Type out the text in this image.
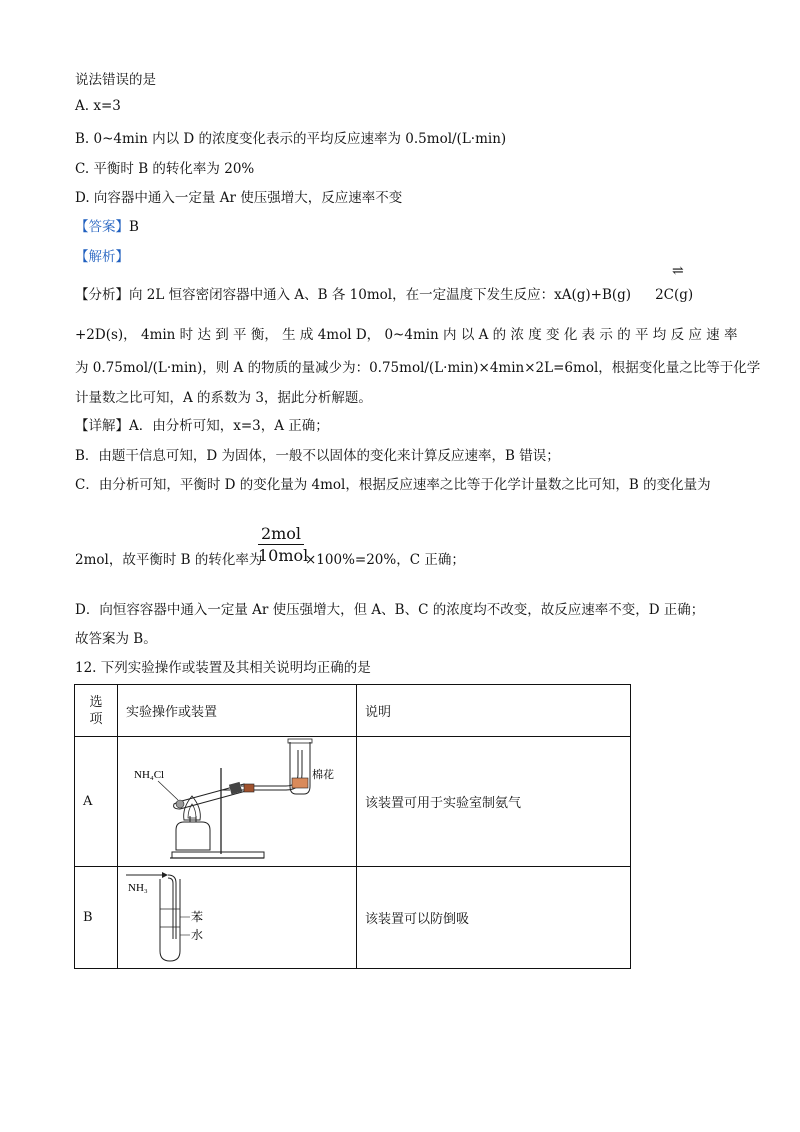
说法错误的是
A. x=3
B. 0~4min 内以 D 的浓度变化表示的平均反应速率为 0.5mol/(L·min)
C. 平衡时 B 的转化率为 20%
D. 向容器中通入一定量 Ar 使压强增大，反应速率不变
【答案】B
【解析】
【分析】向 2L 恒容密闭容器中通入 A、B 各 10mol，在一定温度下发生反应：xA(g)+B(g) 2C(g)
⇌
+2D(s)， 4min 时 达 到 平 衡， 生 成 4mol D， 0~4min 内 以 A 的 浓 度 变 化 表 示 的 平 均 反 应 速 率
为 0.75mol/(L·min)，则 A 的物质的量减少为：0.75mol/(L·min)×4min×2L=6mol，根据变化量之比等于化学
计量数之比可知，A 的系数为 3，据此分析解题。
【详解】A．由分析可知，x=3，A 正确；
B．由题干信息可知，D 为固体，一般不以固体的变化来计算反应速率，B 错误；
C．由分析可知，平衡时 D 的变化量为 4mol，根据反应速率之比等于化学计量数之比可知，B 的变化量为
2mol，故平衡时 B 的转化率为
2mol
10mol
×100%=20%，C 正确；
D．向恒容容器中通入一定量 Ar 使压强增大，但 A、B、C 的浓度均不改变，故反应速率不变，D 正确；
故答案为 B。
12. 下列实验操作或装置及其相关说明均正确的是
选
项	实验操作或装置	说明
A	NH₄Cl 棉花	该装置可用于实验室制氨气
B	NH₃
苯
水	该装置可以防倒吸
